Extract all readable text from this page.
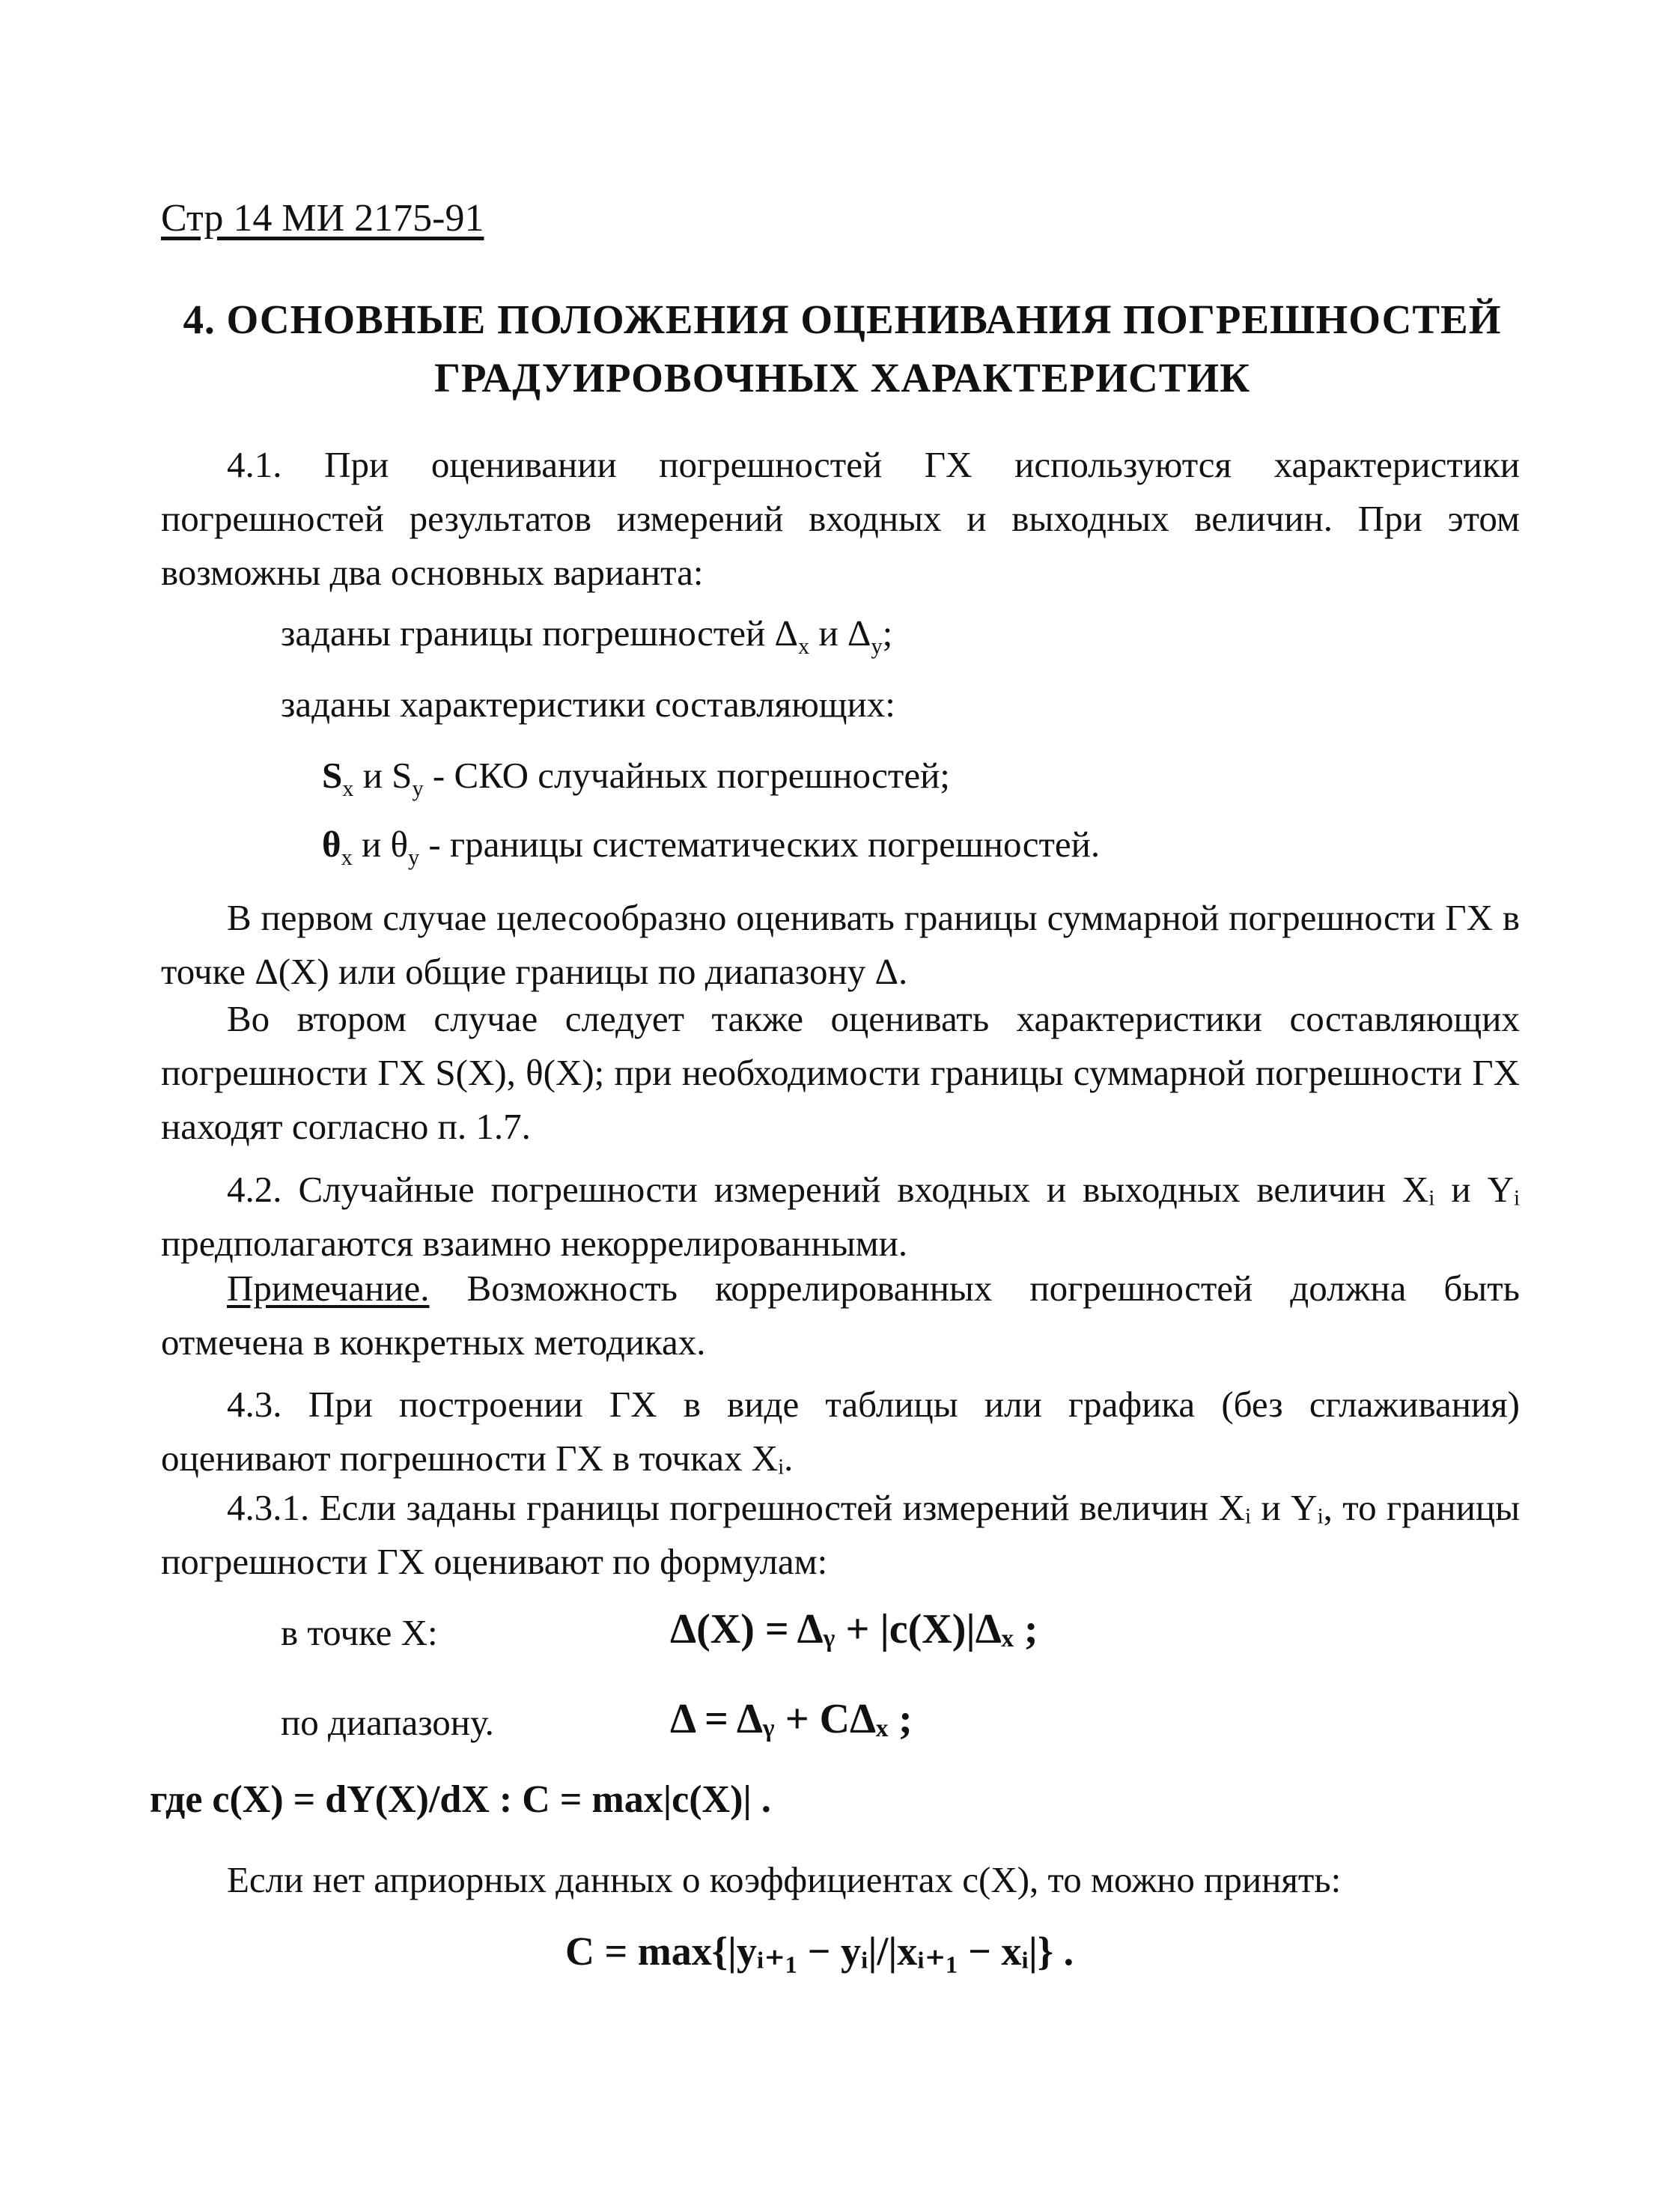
Стр 14 МИ 2175-91
4. ОСНОВНЫЕ ПОЛОЖЕНИЯ ОЦЕНИВАНИЯ ПОГРЕШНОСТЕЙ
ГРАДУИРОВОЧНЫХ ХАРАКТЕРИСТИК

4.1. При оценивании погрешностей ГХ используются характеристики погрешностей результатов измерений входных и выходных величин. При этом возможны два основных варианта:

заданы границы погрешностей $\Delta_x$ и $\Delta_y$;

заданы характеристики составляющих:

$S_x$ и $S_y$ - СКО случайных погрешностей;

$\theta_x$ и $\theta_y$ - границы систематических погрешностей.

В первом случае целесообразно оценивать границы суммарной погрешности ГХ в точке Δ(X) или общие границы по диапазону Δ.

Во втором случае следует также оценивать характеристики составляющих погрешности ГХ S(X), θ(X); при необходимости границы суммарной погрешности ГХ находят согласно п. 1.7.

4.2. Случайные погрешности измерений входных и выходных величин Xᵢ и Yᵢ предполагаются взаимно некоррелированными.

Примечание. Возможность коррелированных погрешностей должна быть отмечена в конкретных методиках.

4.3. При построении ГХ в виде таблицы или графика (без сглаживания) оценивают погрешности ГХ в точках Xᵢ.

4.3.1. Если заданы границы погрешностей измерений величин Xᵢ и Yᵢ, то границы погрешности ГХ оценивают по формулам:

в точке X:	Δ(X) = Δᵧ + |c(X)|Δₓ ;
по диапазону.	Δ = Δᵧ + CΔₓ ;
где c(X) = dY(X)/dX : C = max|c(X)| .

Если нет априорных данных о коэффициентах c(X), то можно принять:

C = max{|yᵢ₊₁ − yᵢ|/|xᵢ₊₁ − xᵢ|} .
